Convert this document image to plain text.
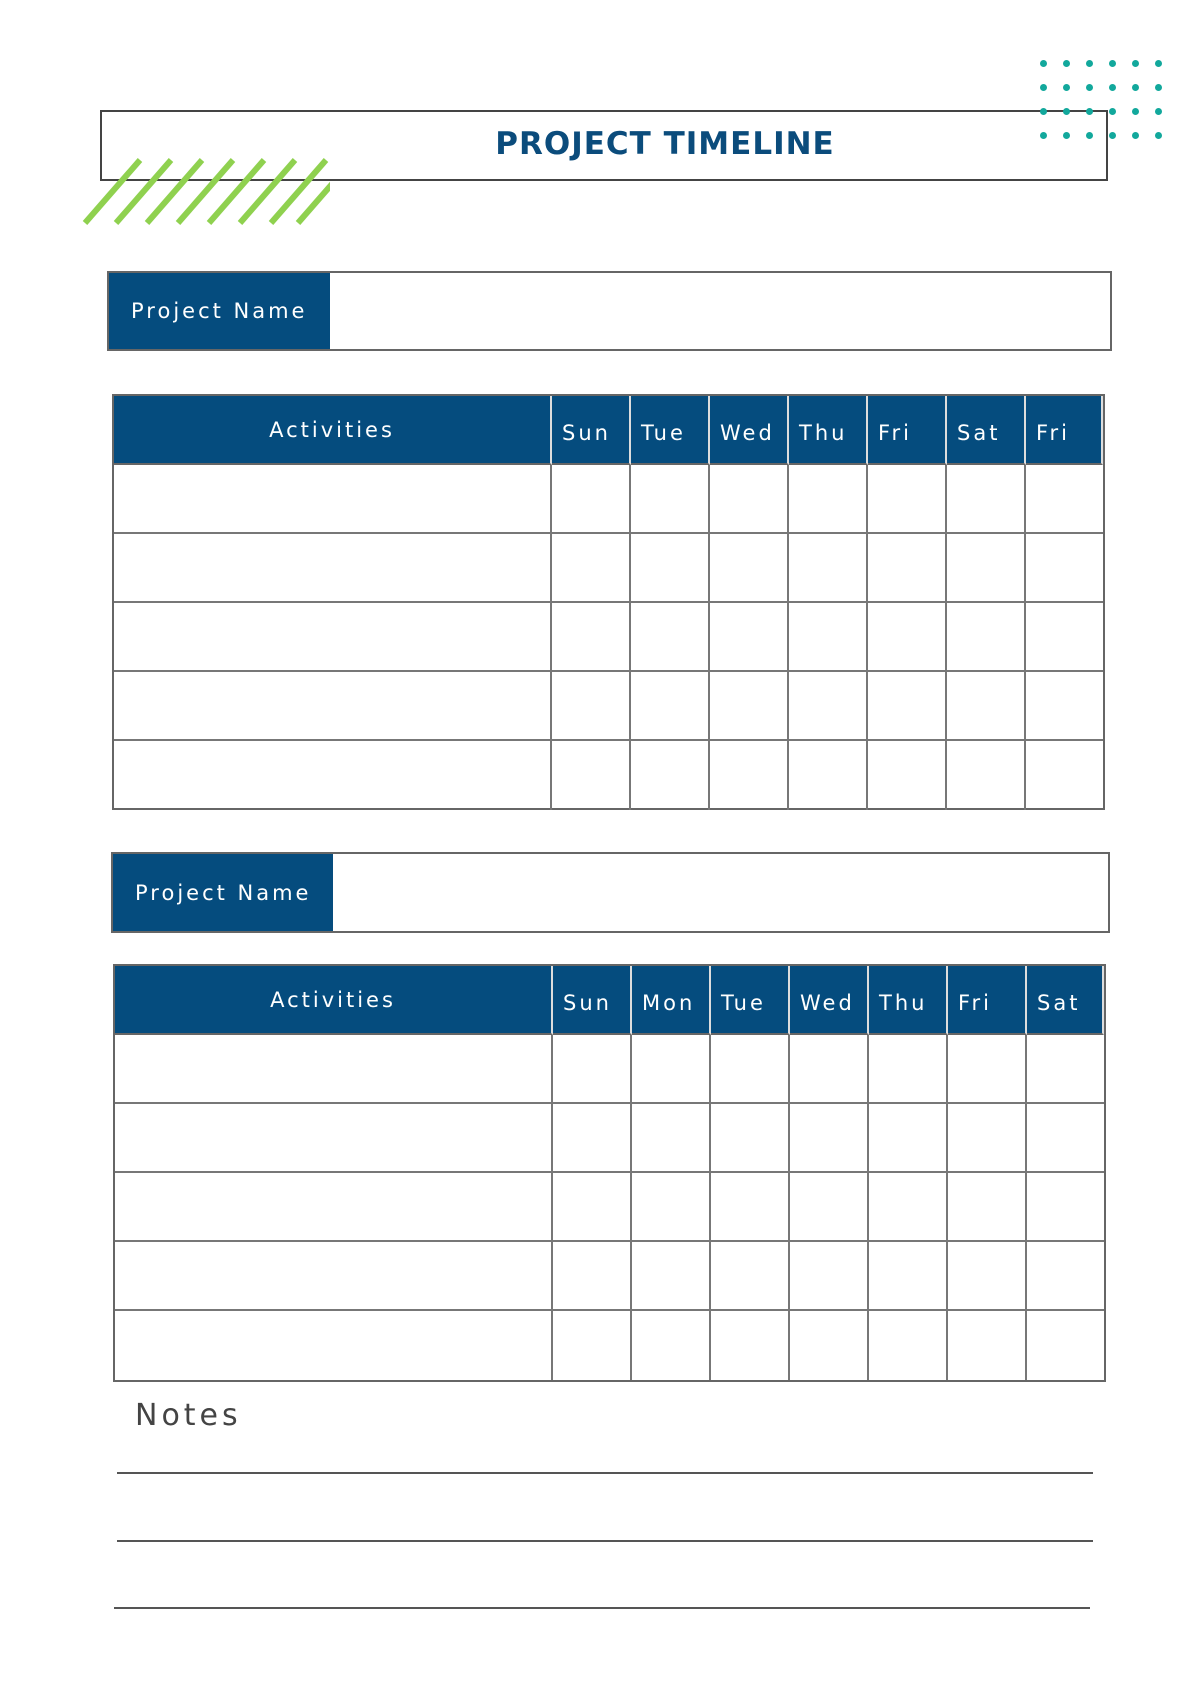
PROJECT TIMELINE
Project Name
Activities	Sun	Tue	Wed	Thu	Fri	Sat	Fri
Project Name
Activities	Sun	Mon	Tue	Wed	Thu	Fri	Sat
Notes
